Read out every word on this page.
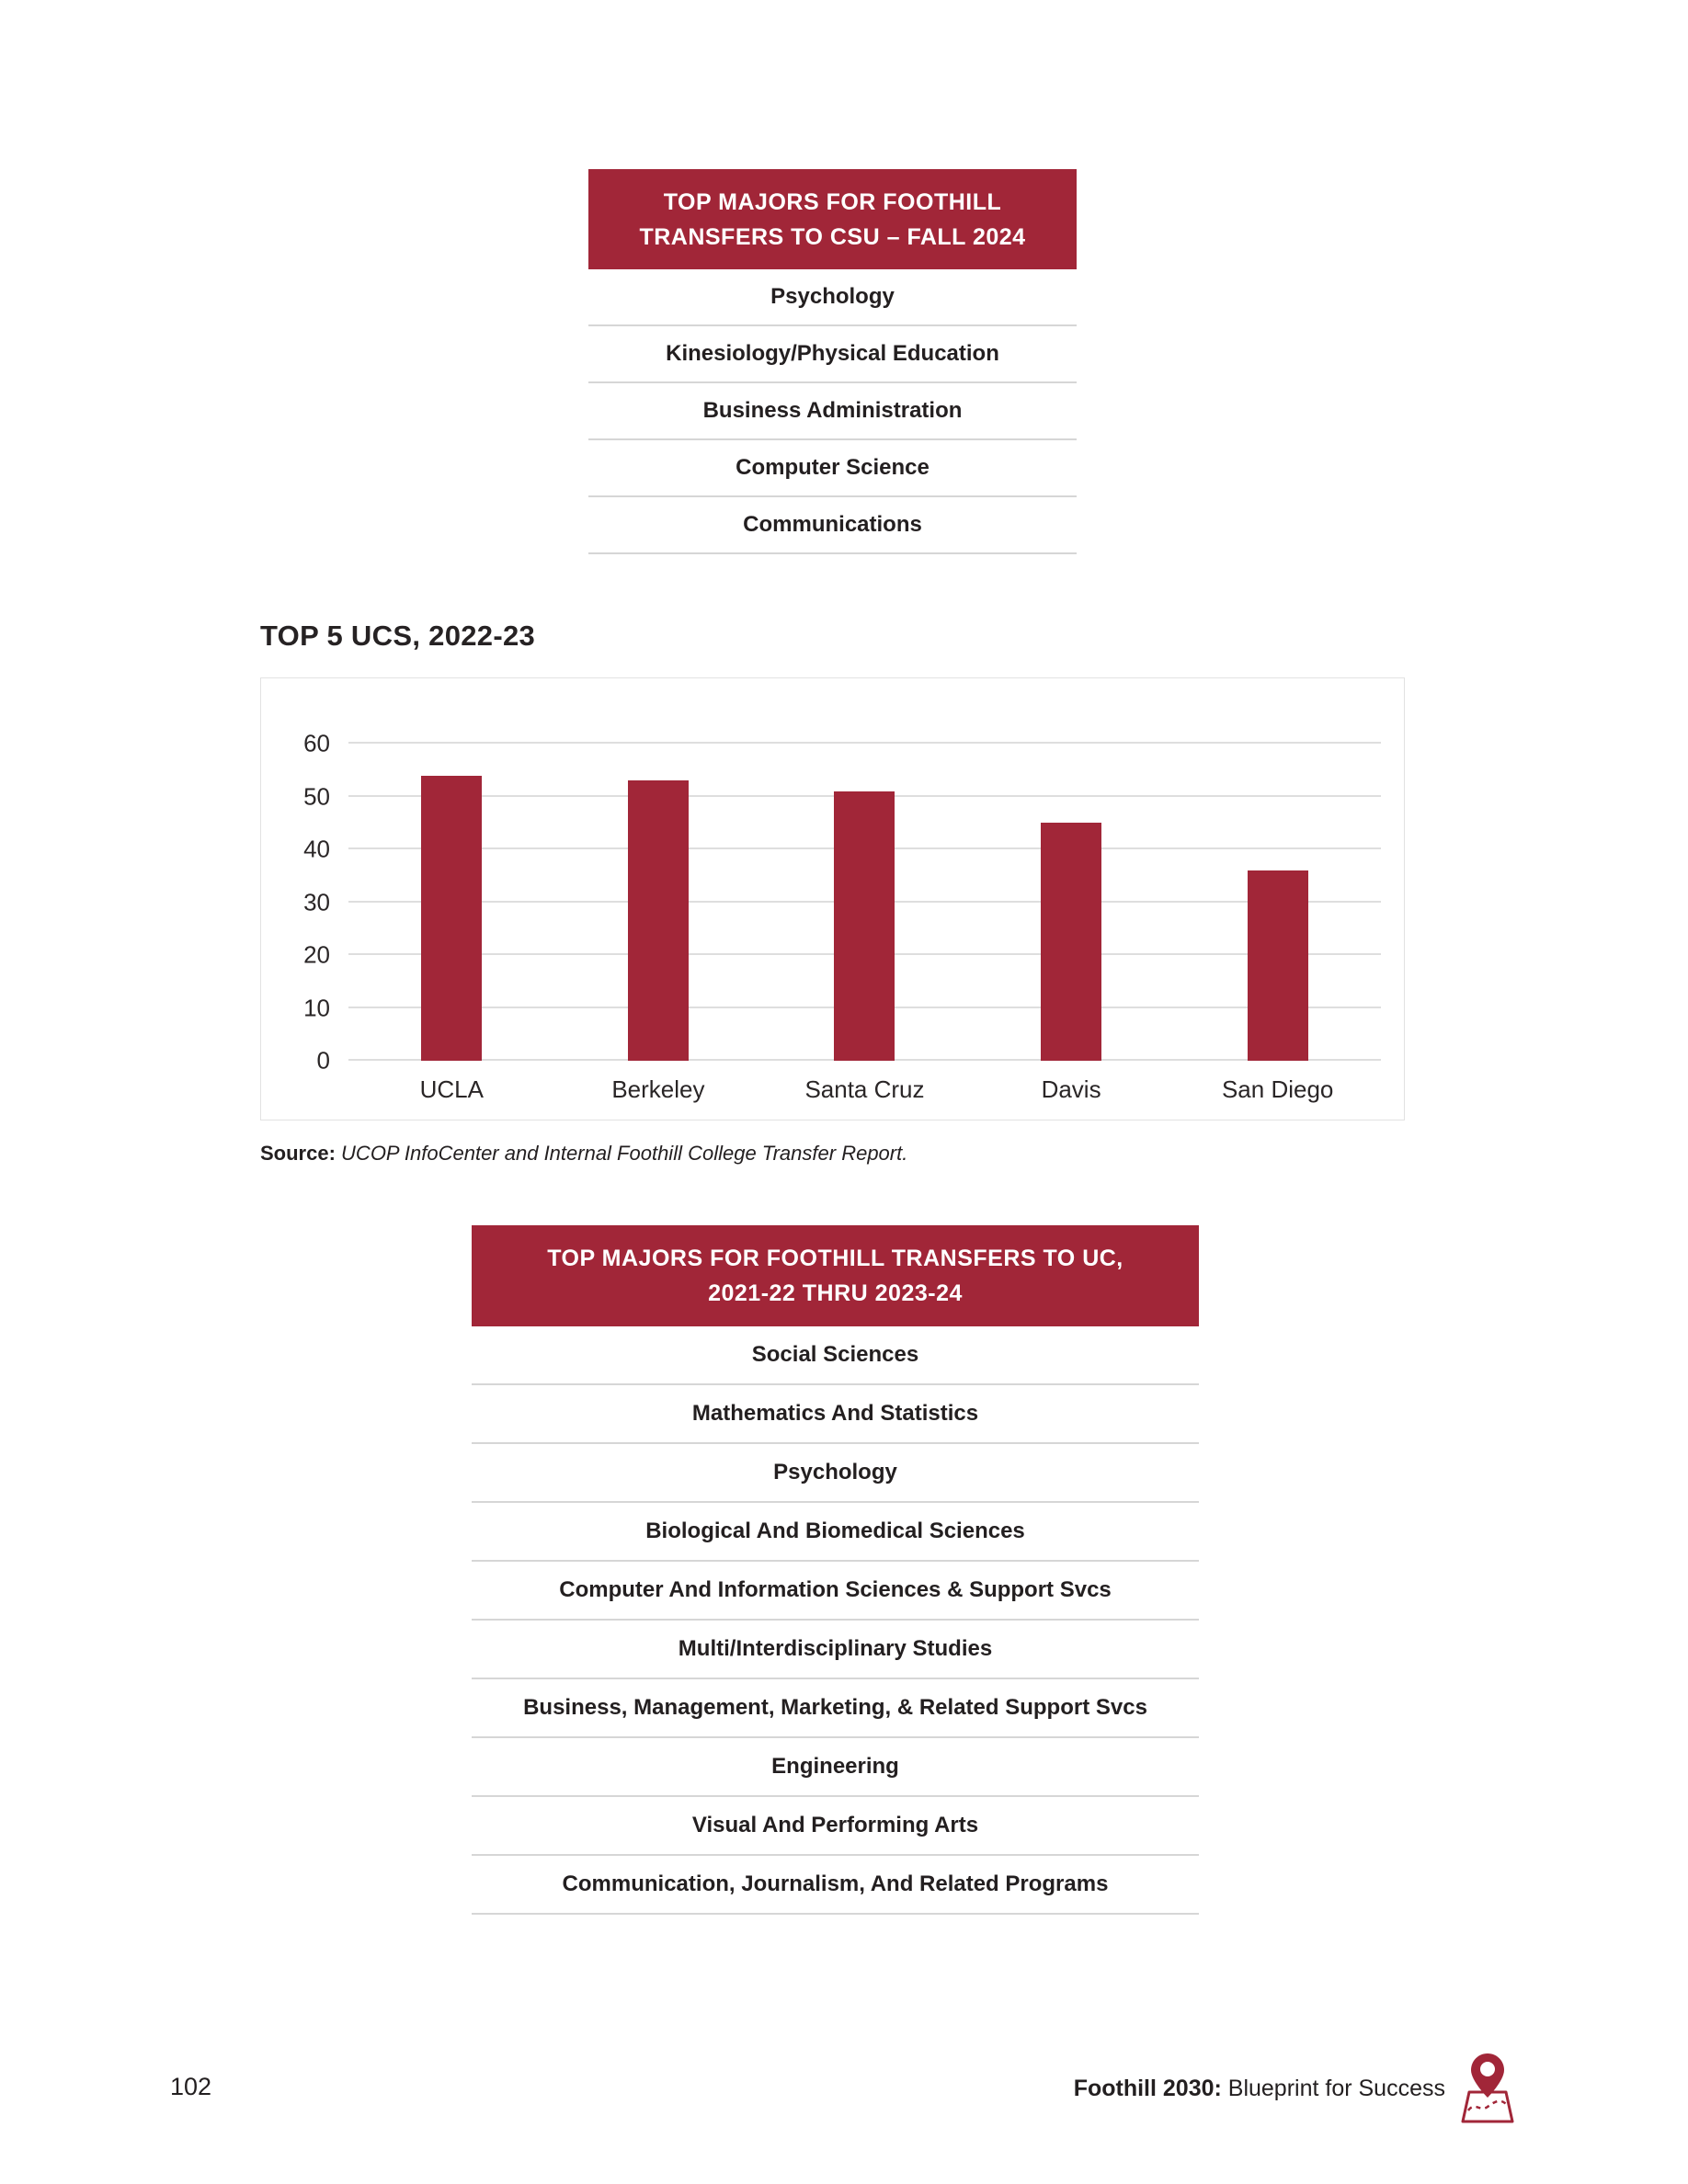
TOP MAJORS FOR FOOTHILL
TRANSFERS TO CSU – FALL 2024
Psychology
Kinesiology/Physical Education
Business Administration
Computer Science
Communications
TOP 5 UCS, 2022-23
0
10
20
30
40
50
60
UCLA	Berkeley	Santa Cruz	Davis	San Diego

Source: UCOP InfoCenter and Internal Foothill College Transfer Report.

TOP MAJORS FOR FOOTHILL TRANSFERS TO UC,
2021-22 THRU 2023-24
Social Sciences
Mathematics And Statistics
Psychology
Biological And Biomedical Sciences
Computer And Information Sciences & Support Svcs
Multi/Interdisciplinary Studies
Business, Management, Marketing, & Related Support Svcs
Engineering
Visual And Performing Arts
Communication, Journalism, And Related Programs
102	Foothill 2030: Blueprint for Success
